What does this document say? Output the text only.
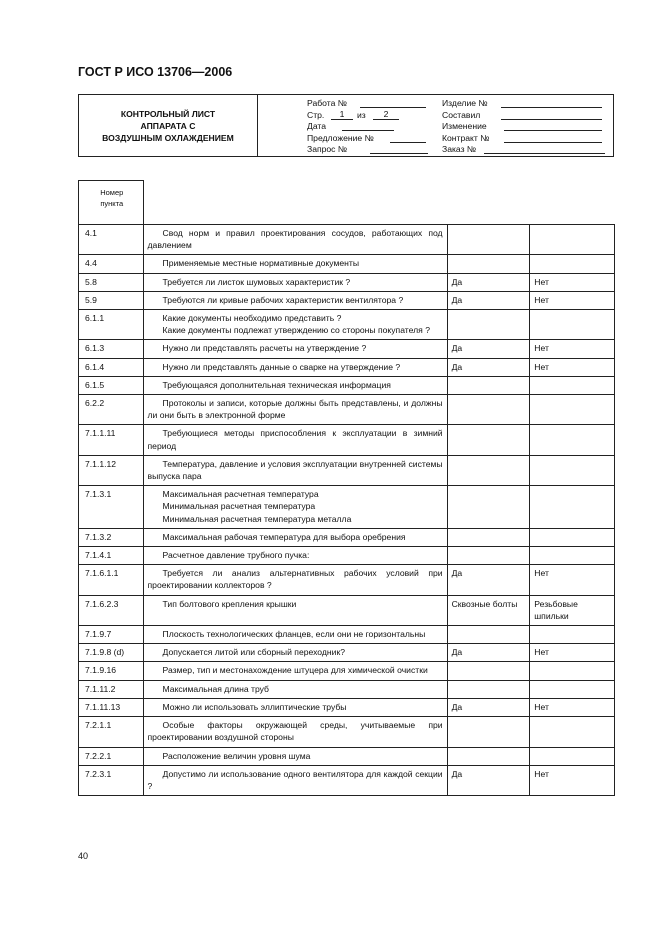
ГОСТ Р ИСО 13706—2006
КОНТРОЛЬНЫЙ ЛИСТ
АППАРАТА С
ВОЗДУШНЫМ ОХЛАЖДЕНИЕМ
Работа №
Стр.	1	из	2
Дата
Предложение №
Запрос №
Изделие №
Составил
Изменение
Контракт №
Заказ №
Номер
пункта			

4.1	Свод норм и правил проектирования сосудов, работающих под давлением		

4.4	Применяемые местные нормативные документы		

5.8	Требуется ли листок шумовых характеристик ?	Да	Нет
5.9	Требуются ли кривые рабочих характеристик вентилятора ?	Да	Нет
6.1.1	Какие документы необходимо представить ?
Какие документы подлежат утверждению со стороны покупателя ?		

6.1.3	Нужно ли представлять расчеты на утверждение ?	Да	Нет
6.1.4	Нужно ли представлять данные о сварке на утверждение ?	Да	Нет
6.1.5	Требующаяся дополнительная техническая информация		

6.2.2	Протоколы и записи, которые должны быть представлены, и должны ли они быть в электронной форме		

7.1.1.11	Требующиеся методы приспособления к эксплуатации в зимний период		

7.1.1.12	Температура, давление и условия эксплуатации внутренней системы выпуска пара		

7.1.3.1	Максимальная расчетная температура
Минимальная расчетная температура
Минимальная расчетная температура металла		

7.1.3.2	Максимальная рабочая температура для выбора оребрения		

7.1.4.1	Расчетное давление трубного пучка:		

7.1.6.1.1	Требуется ли анализ альтернативных рабочих условий при проектировании коллекторов ?	Да	Нет
7.1.6.2.3	Тип болтового крепления крышки	Сквозные болты	Резьбовые шпильки
7.1.9.7	Плоскость технологических фланцев, если они не горизонтальны		

7.1.9.8 (d)	Допускается литой или сборный переходник?	Да	Нет
7.1.9.16	Размер, тип и местонахождение штуцера для химической очистки		

7.1.11.2	Максимальная длина труб		

7.1.11.13	Можно ли использовать эллиптические трубы	Да	Нет
7.2.1.1	Особые факторы окружающей среды, учитываемые при проектировании воздушной стороны		

7.2.2.1	Расположение величин уровня шума		

7.2.3.1	Допустимо ли использование одного вентилятора для каждой секции ?	Да	Нет
40
